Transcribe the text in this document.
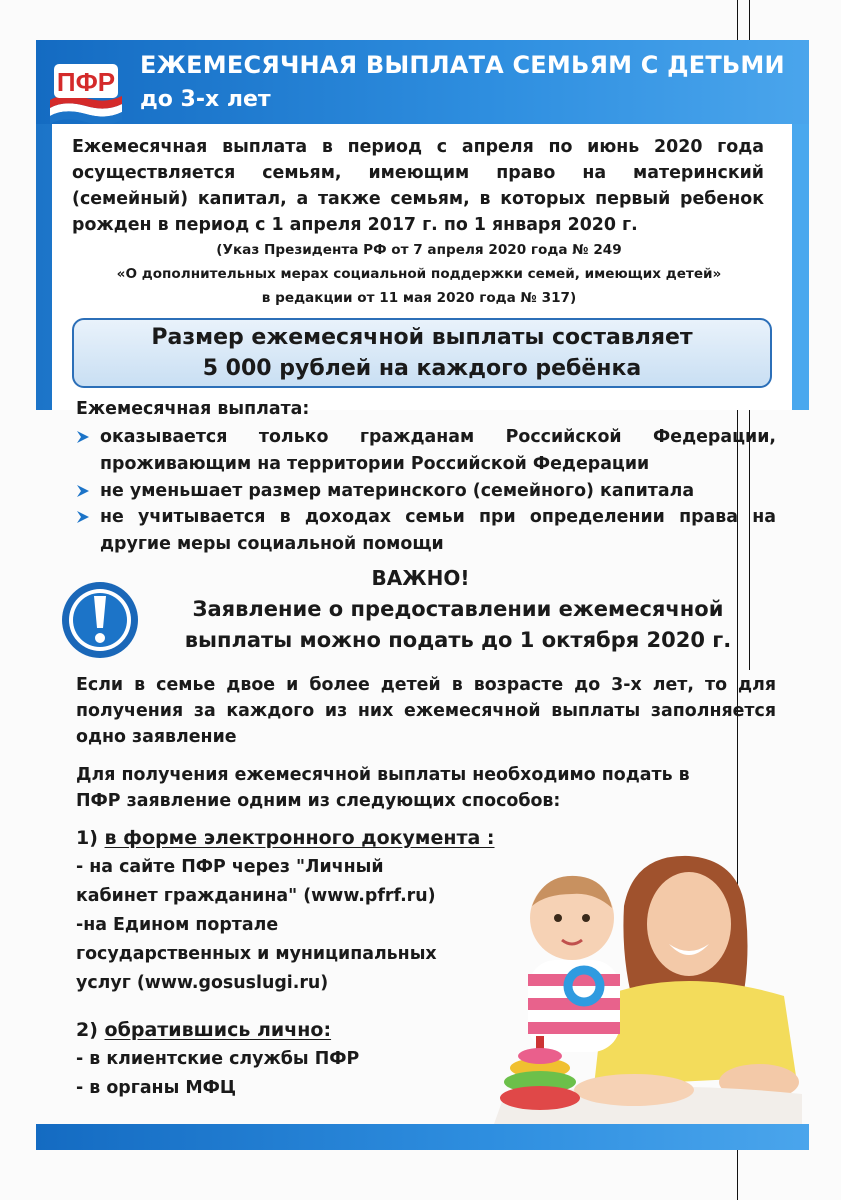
ПФР
ЕЖЕМЕСЯЧНАЯ ВЫПЛАТА СЕМЬЯМ С ДЕТЬМИ
до 3-х лет
Ежемесячная выплата в период с апреля по июнь 2020 года осуществляется семьям, имеющим право на материнский (семейный) капитал, а также семьям, в которых первый ребенок рожден в период с 1 апреля 2017 г. по 1 января 2020 г.
(Указ Президента РФ от 7 апреля 2020 года № 249
«О дополнительных мерах социальной поддержки семей, имеющих детей»
в редакции от 11 мая 2020 года № 317)
Размер ежемесячной выплаты составляет
5 000 рублей на каждого ребёнка
Ежемесячная выплата:
оказывается только гражданам Российской Федерации, проживающим на территории Российской Федерации
не уменьшает размер материнского (семейного) капитала
не учитывается в доходах семьи при определении права на другие меры социальной помощи
ВАЖНО!
Заявление о предоставлении ежемесячной
выплаты можно подать до 1 октября 2020 г.
Если в семье двое и более детей в возрасте до 3-х лет, то для получения за каждого из них ежемесячной выплаты заполняется одно заявление
Для получения ежемесячной выплаты необходимо подать в
ПФР заявление одним из следующих способов:
1) в форме электронного документа :
- на сайте ПФР через "Личный
кабинет гражданина" (www.pfrf.ru)
-на Едином портале
государственных и муниципальных
услуг (www.gosuslugi.ru)
2) обратившись лично:
- в клиентские службы ПФР
- в органы МФЦ
